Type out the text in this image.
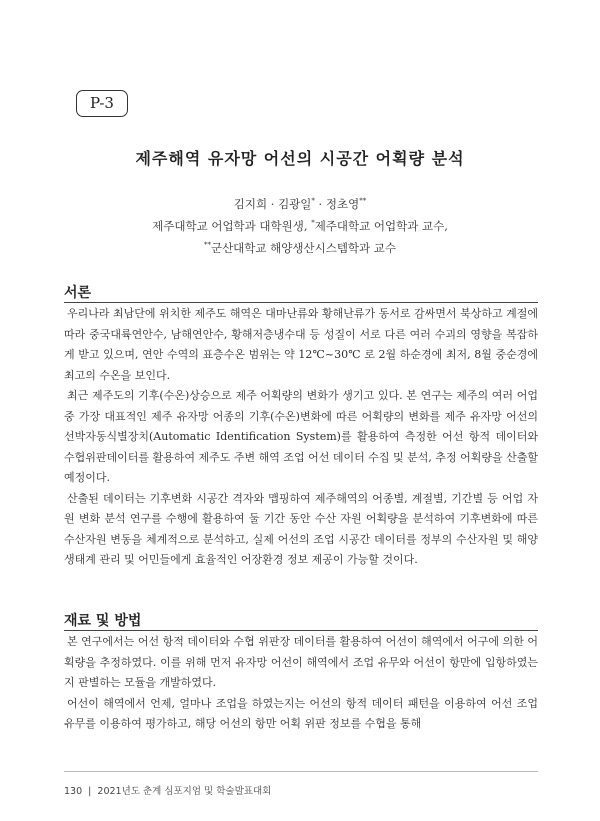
P-3
제주해역 유자망 어선의 시공간 어획량 분석
김지희 · 김광일* · 정초영**
제주대학교 어업학과 대학원생, *제주대학교 어업학과 교수,
**군산대학교 해양생산시스템학과 교수
서론

우리나라 최남단에 위치한 제주도 해역은 대마난류와 황해난류가 동서로 감싸면서 북상하고 계절에 따라 중국대륙연안수, 남해연안수, 황해저층냉수대 등 성질이 서로 다른 여러 수괴의 영향을 복잡하게 받고 있으며, 연안 수역의 표층수온 범위는 약 12℃~30℃ 로 2월 하순경에 최저, 8월 중순경에 최고의 수온을 보인다.

최근 제주도의 기후(수온)상승으로 제주 어획량의 변화가 생기고 있다. 본 연구는 제주의 여러 어업 중 가장 대표적인 제주 유자망 어종의 기후(수온)변화에 따른 어획량의 변화를 제주 유자망 어선의 선박자동식별장치(Automatic Identification System)를 활용하여 측정한 어선 항적 데이터와 수협위판데이터를 활용하여 제주도 주변 해역 조업 어선 데이터 수집 및 분석, 추정 어획량을 산출할 예정이다.

산출된 데이터는 기후변화 시공간 격자와 맵핑하여 제주해역의 어종별, 계절별, 기간별 등 어업 자원 변화 분석 연구를 수행에 활용하여 둘 기간 동안 수산 자원 어획량을 분석하여 기후변화에 따른 수산자원 변동을 체계적으로 분석하고, 실제 어선의 조업 시공간 데이터를 정부의 수산자원 및 해양생태계 관리 및 어민들에게 효율적인 어장환경 정보 제공이 가능할 것이다.

재료 및 방법

본 연구에서는 어선 항적 데이터와 수협 위판장 데이터를 활용하여 어선이 해역에서 어구에 의한 어획량을 추정하였다. 이를 위해 먼저 유자망 어선이 해역에서 조업 유무와 어선이 항만에 입항하였는지 판별하는 모듈을 개발하였다.

어선이 해역에서 언제, 얼마나 조업을 하였는지는 어선의 항적 데이터 패턴을 이용하여 어선 조업 유무를 이용하여 평가하고, 해당 어선의 항만 어획 위판 정보를 수협을 통해

130 | 2021년도 춘계 심포지엄 및 학술발표대회
